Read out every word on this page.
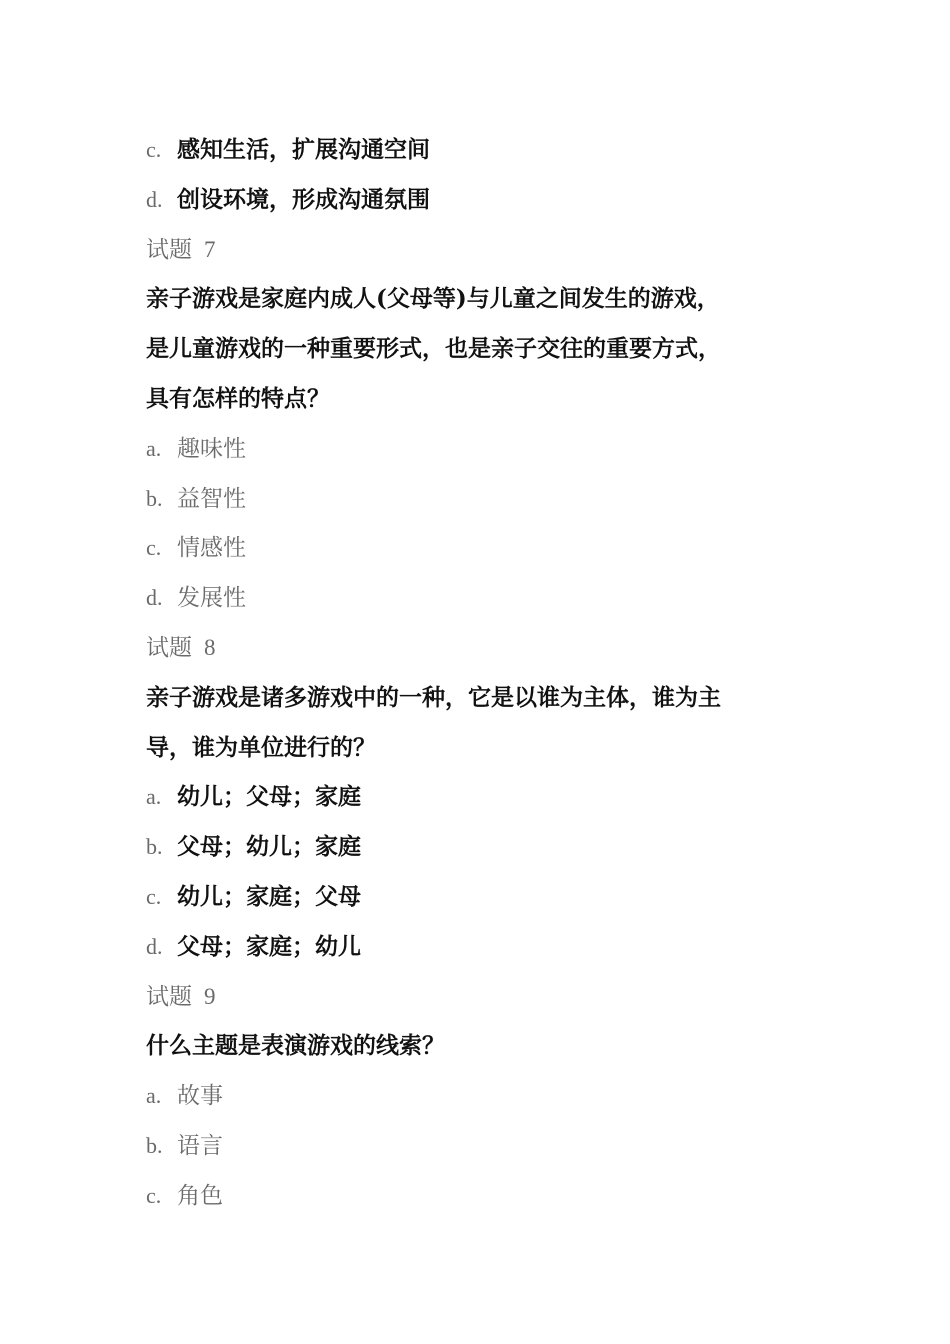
c. 感知生活，扩展沟通空间
d. 创设环境，形成沟通氛围
试题 7
亲子游戏是家庭内成人(父母等)与儿童之间发生的游戏，
是儿童游戏的一种重要形式，也是亲子交往的重要方式，
具有怎样的特点？
a. 趣味性
b. 益智性
c. 情感性
d. 发展性
试题 8
亲子游戏是诸多游戏中的一种，它是以谁为主体，谁为主
导，谁为单位进行的？
a. 幼儿；父母；家庭
b. 父母；幼儿；家庭
c. 幼儿；家庭；父母
d. 父母；家庭；幼儿
试题 9
什么主题是表演游戏的线索？
a. 故事
b. 语言
c. 角色
